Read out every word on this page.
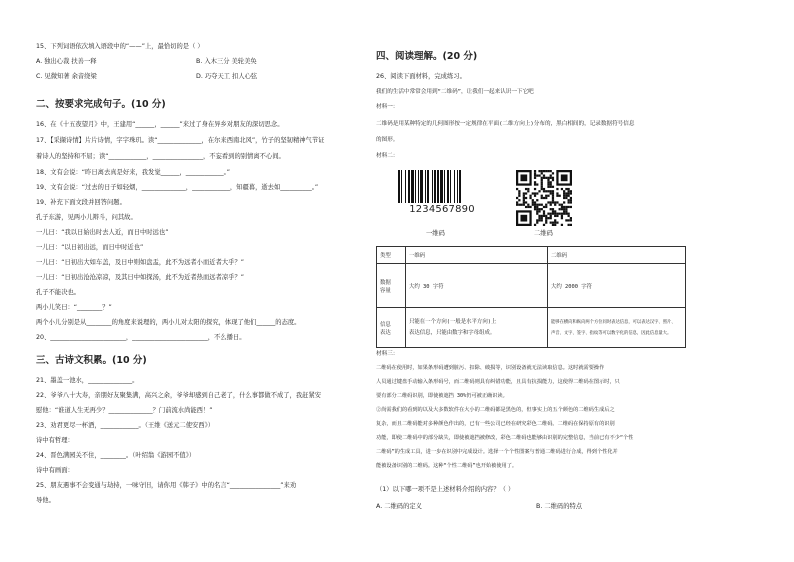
15、下列词语依次填入语段中的“——”上，最恰切的是（ ）
A. 独出心裁 扶善一释	B. 入木三分 美轮美奂
C. 见微知著 余音绕梁	D. 巧夺天工 扣人心弦
二、按要求完成句子。(10 分)
16、在《十五夜望月》中，王建用“______，______”来过了身在异乡对朋友的深切思念。
17、【采撷诗情】片片诗情，字字珠玑。读“______________，在尔来西南北风”，竹子的坚韧精神气节证
着诗人的坚持和不屈；读“____________，________________，不妄看到的别情离不心间。
18、文有会说：“昨日离去真是好来，我发觉______，____________。”
19、文有会说：“过去的日子如轻烟，______________，____________，知疆暮，逝去如__________。”
19、补充下面文段并回答问题。
孔子东游，见两小儿辩斗，问其故。
一儿曰：“我以日始出时去人近，而日中时远也”
一儿曰：“以日初出远，而日中时近也”
一儿曰：“日初出大如车盖，及日中则如盘盂，此不为远者小而近者大乎？”
一儿曰：“日初出沧沧凉凉，及其日中如探汤，此不为近者热而远者凉乎？”
孔子不能决也。
两小儿笑曰：“________？”
两个小儿分别是从________的角度来说理的，两小儿对太阳的探究，体现了他们______的态度。
20、________________________，________________________，不么播日。
三、古诗文积累。(10 分)
21、墨盖一池水，______________。
22、爷爷八十大寿，亲朋好友聚集满，高兴之余，爷爷却感到自己老了，什么事都做不成了，我赶紧安
慰他：“谁道人生无再少？______________？门前流水尚能西！”
23、劝君更尽一杯酒，____________。（王维《送元二使安西》）
诗中有哲理：
24、晋色满园关不住，________。（叶绍翁《游园不值》）
诗中有画面：
25、朋友遇事不会变通与劫持，一味守旧，请你用《韩子》中的名言“________________”来劝
导他。
四、阅读理解。(20 分)
26、阅读下面材料，完成练习。
我们的生活中常常会用到“二维码”，让我们一起来认识一下它吧
材料一：
二维码是用某种特定的几何图形按一定规律在平面(二维方向上)分布的，黑白相间的，记录数据符号信息
的图形。
材料二：
1234567890
一维码	二维码
类型	一维码	二维码
数据
容量	大约 30 字符	大约 2000 字符
信息
表达	只能在一个方向(一般是水平方向)上
表达信息，只能由数字和字母组成。	能够在横向和纵向两个方位同时表达信息，可以表达汉字、照片、
声音、文字、签字、指纹等可以数字化的信息，因此信息量大。
材料三：
二维码在使用时，如果条形码遭到脏污、扣除、破损等，识别设备就无法读取信息。这时就需要操作
人员通过键盘手动输入条形码号，而二维码则具有纠错功能，且具有抗损能力，这使得二维码在图示时，只
要有部分二维码识别，即使被遮挡 30%仍可被正确识读。
②尚需我们的看到的以及大多数软件在大小的二维码都是黑色的，但事实上的五个颜色的二维码生成后之
复杂，而且二维码能对多种颜色作出的，已有一些公司已经在研究彩色二维码。二维码在保持原有的识别
功能，即使二维码中的部分缺失，即使被遮挡被修改，彩色二维码也能够由识别的完整信息，当前已有不少“个性
二维码”的生成工具，进一步在识别中完成设计。选择一个个性图案与普通二维码进行合成，得到个性化并
能被设备识别的二维码。这种“个性二维码”也开始被使用了。
（1）以下哪一项不是上述材料介绍的内容？（ ）
A. 二维码的定义	B. 二维码的特点
